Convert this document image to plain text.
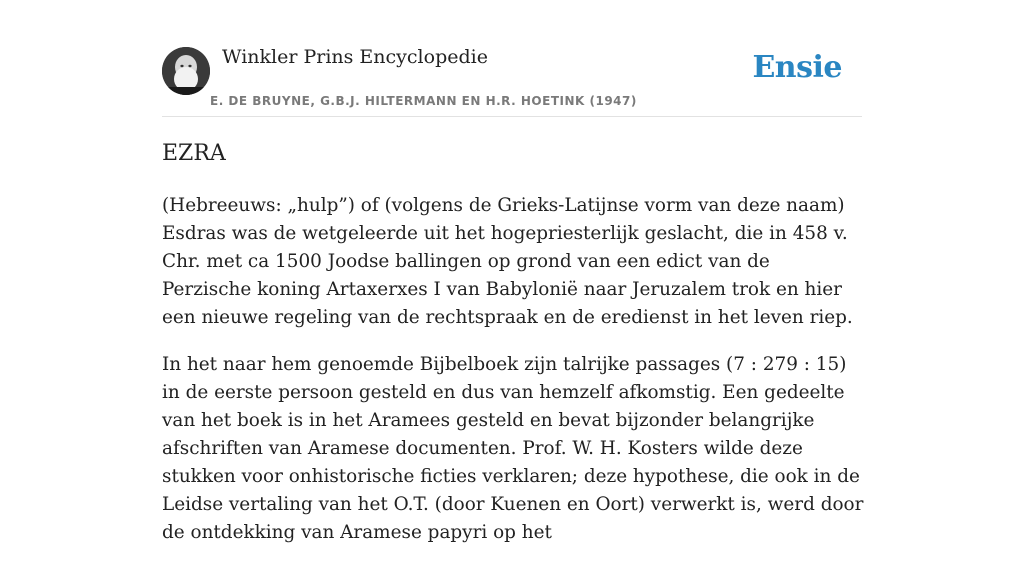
Winkler Prins Encyclopedie
E. DE BRUYNE, G.B.J. HILTERMANN EN H.R. HOETINK (1947)
Ensie
EZRA

(Hebreeuws: „hulp”) of (volgens de Grieks-Latijnse vorm van deze naam) Esdras was de wetgeleerde uit het hogepriesterlijk geslacht, die in 458 v. Chr. met ca 1500 Joodse ballingen op grond van een edict van de Perzische koning Artaxerxes I van Babylonië naar Jeruzalem trok en hier een nieuwe regeling van de rechtspraak en de eredienst in het leven riep.

In het naar hem genoemde Bijbelboek zijn talrijke passages (7 : 279 : 15) in de eerste persoon gesteld en dus van hemzelf afkomstig. Een gedeelte van het boek is in het Aramees gesteld en bevat bijzonder belangrijke afschriften van Aramese documenten. Prof. W. H. Kosters wilde deze stukken voor onhistorische ficties verklaren; deze hypothese, die ook in de Leidse vertaling van het O.T. (door Kuenen en Oort) verwerkt is, werd door de ontdekking van Aramese papyri op het
